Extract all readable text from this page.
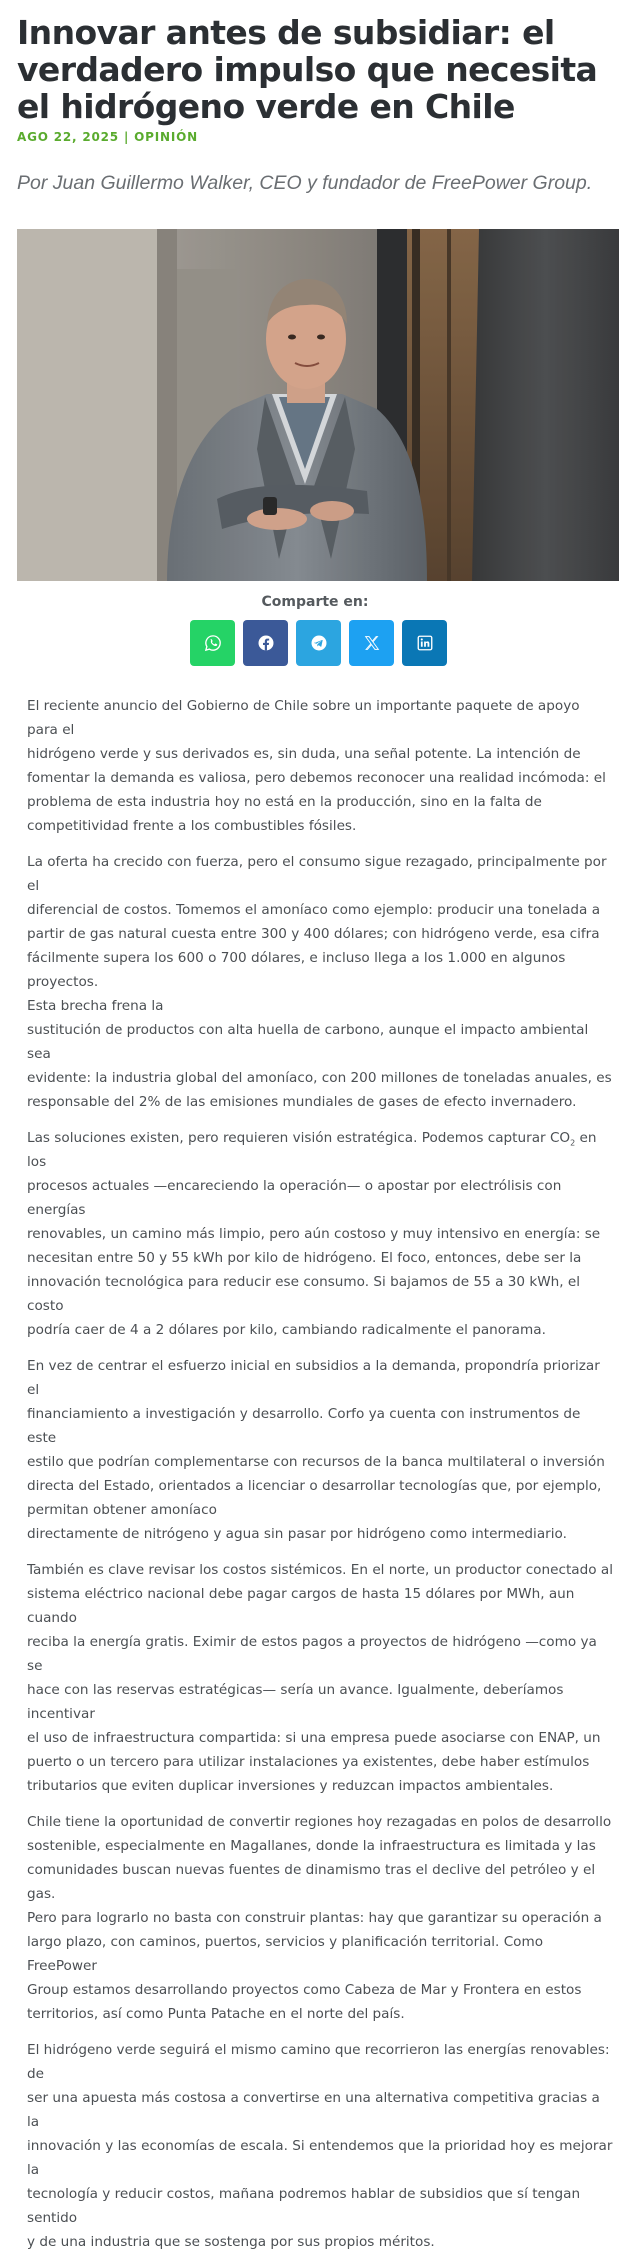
Innovar antes de subsidiar: el verdadero impulso que necesita el hidrógeno verde en Chile
AGO 22, 2025 | OPINIÓN
Por Juan Guillermo Walker, CEO y fundador de FreePower Group.
Comparte en:

El reciente anuncio del Gobierno de Chile sobre un importante paquete de apoyo para el
hidrógeno verde y sus derivados es, sin duda, una señal potente. La intención de
fomentar la demanda es valiosa, pero debemos reconocer una realidad incómoda: el
problema de esta industria hoy no está en la producción, sino en la falta de
competitividad frente a los combustibles fósiles.

La oferta ha crecido con fuerza, pero el consumo sigue rezagado, principalmente por el
diferencial de costos. Tomemos el amoníaco como ejemplo: producir una tonelada a
partir de gas natural cuesta entre 300 y 400 dólares; con hidrógeno verde, esa cifra
fácilmente supera los 600 o 700 dólares, e incluso llega a los 1.000 en algunos proyectos.
Esta brecha frena la
sustitución de productos con alta huella de carbono, aunque el impacto ambiental sea
evidente: la industria global del amoníaco, con 200 millones de toneladas anuales, es
responsable del 2% de las emisiones mundiales de gases de efecto invernadero.

Las soluciones existen, pero requieren visión estratégica. Podemos capturar $CO_2$ en los
procesos actuales —encareciendo la operación— o apostar por electrólisis con energías
renovables, un camino más limpio, pero aún costoso y muy intensivo en energía: se
necesitan entre 50 y 55 kWh por kilo de hidrógeno. El foco, entonces, debe ser la
innovación tecnológica para reducir ese consumo. Si bajamos de 55 a 30 kWh, el costo
podría caer de 4 a 2 dólares por kilo, cambiando radicalmente el panorama.

En vez de centrar el esfuerzo inicial en subsidios a la demanda, propondría priorizar el
financiamiento a investigación y desarrollo. Corfo ya cuenta con instrumentos de este
estilo que podrían complementarse con recursos de la banca multilateral o inversión
directa del Estado, orientados a licenciar o desarrollar tecnologías que, por ejemplo,
permitan obtener amoníaco
directamente de nitrógeno y agua sin pasar por hidrógeno como intermediario.

También es clave revisar los costos sistémicos. En el norte, un productor conectado al
sistema eléctrico nacional debe pagar cargos de hasta 15 dólares por MWh, aun cuando
reciba la energía gratis. Eximir de estos pagos a proyectos de hidrógeno —como ya se
hace con las reservas estratégicas— sería un avance. Igualmente, deberíamos incentivar
el uso de infraestructura compartida: si una empresa puede asociarse con ENAP, un
puerto o un tercero para utilizar instalaciones ya existentes, debe haber estímulos
tributarios que eviten duplicar inversiones y reduzcan impactos ambientales.

Chile tiene la oportunidad de convertir regiones hoy rezagadas en polos de desarrollo
sostenible, especialmente en Magallanes, donde la infraestructura es limitada y las
comunidades buscan nuevas fuentes de dinamismo tras el declive del petróleo y el gas.
Pero para lograrlo no basta con construir plantas: hay que garantizar su operación a
largo plazo, con caminos, puertos, servicios y planificación territorial. Como FreePower
Group estamos desarrollando proyectos como Cabeza de Mar y Frontera en estos
territorios, así como Punta Patache en el norte del país.

El hidrógeno verde seguirá el mismo camino que recorrieron las energías renovables: de
ser una apuesta más costosa a convertirse en una alternativa competitiva gracias a la
innovación y las economías de escala. Si entendemos que la prioridad hoy es mejorar la
tecnología y reducir costos, mañana podremos hablar de subsidios que sí tengan sentido
y de una industria que se sostenga por sus propios méritos.
